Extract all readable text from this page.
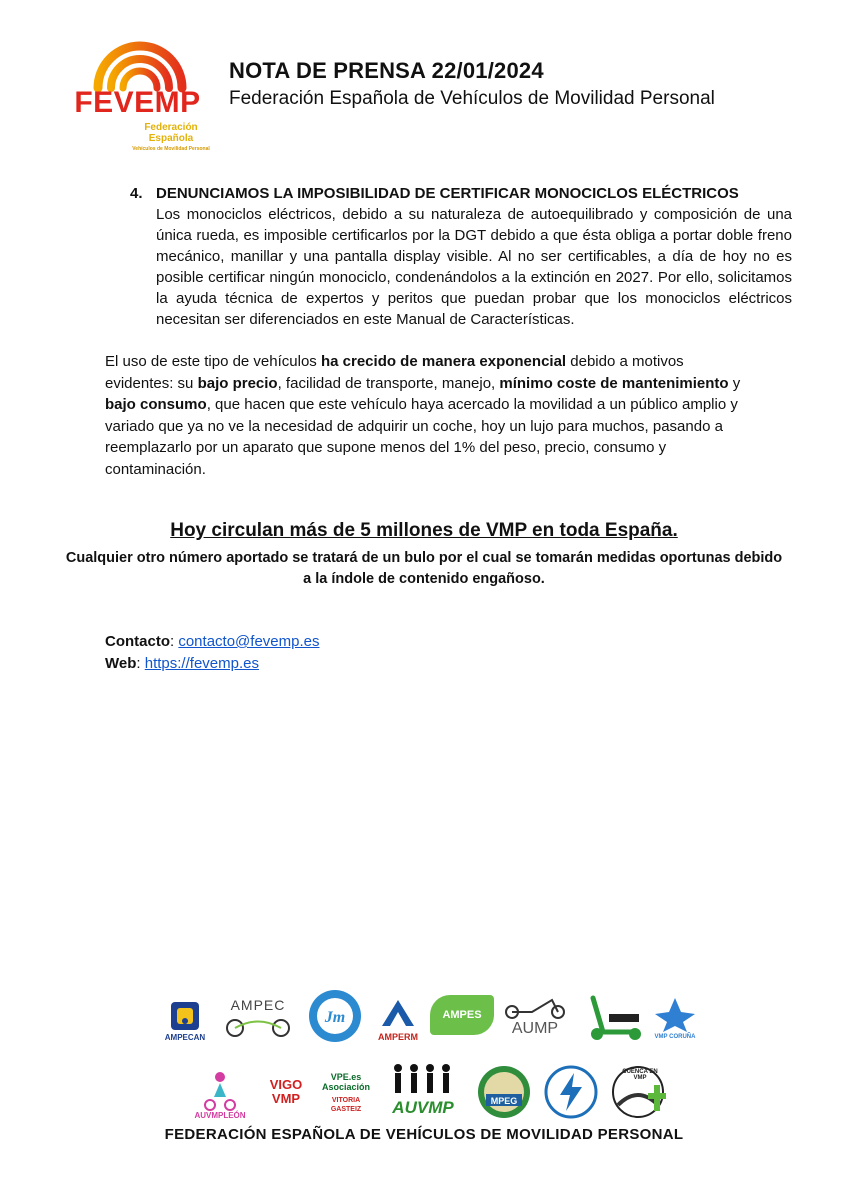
FEVEMP
Federación
Española
Vehículos de Movilidad Personal
NOTA DE PRENSA 22/01/2024
Federación Española de Vehículos de Movilidad Personal
4. DENUNCIAMOS LA IMPOSIBILIDAD DE CERTIFICAR MONOCICLOS ELÉCTRICOS
Los monociclos eléctricos, debido a su naturaleza de autoequilibrado y composición de una única rueda, es imposible certificarlos por la DGT debido a que ésta obliga a portar doble freno mecánico, manillar y una pantalla display visible. Al no ser certificables, a día de hoy no es posible certificar ningún monociclo, condenándolos a la extinción en 2027. Por ello, solicitamos la ayuda técnica de expertos y peritos que puedan probar que los monociclos eléctricos necesitan ser diferenciados en este Manual de Características.
El uso de este tipo de vehículos ha crecido de manera exponencial debido a motivos evidentes: su bajo precio, facilidad de transporte, manejo, mínimo coste de mantenimiento y bajo consumo, que hacen que este vehículo haya acercado la movilidad a un público amplio y variado que ya no ve la necesidad de adquirir un coche, hoy un lujo para muchos, pasando a reemplazarlo por un aparato que supone menos del 1% del peso, precio, consumo y contaminación.
Hoy circulan más de 5 millones de VMP en toda España.
Cualquier otro número aportado se tratará de un bulo por el cual se tomarán medidas oportunas debido a la índole de contenido engañoso.
Contacto: contacto@fevemp.es
Web: https://fevemp.es
AMPECAN
AMPEC
Jm
AMPERM
AMPES
AUMP	VMP CORUÑA
AUVMPLEÓN
VIGO VMP
VPE.es Asociación
VITORIA GASTEIZ	AUVMP	MPEG
CUENCA EN VMP
FEDERACIÓN ESPAÑOLA DE VEHÍCULOS DE MOVILIDAD PERSONAL
